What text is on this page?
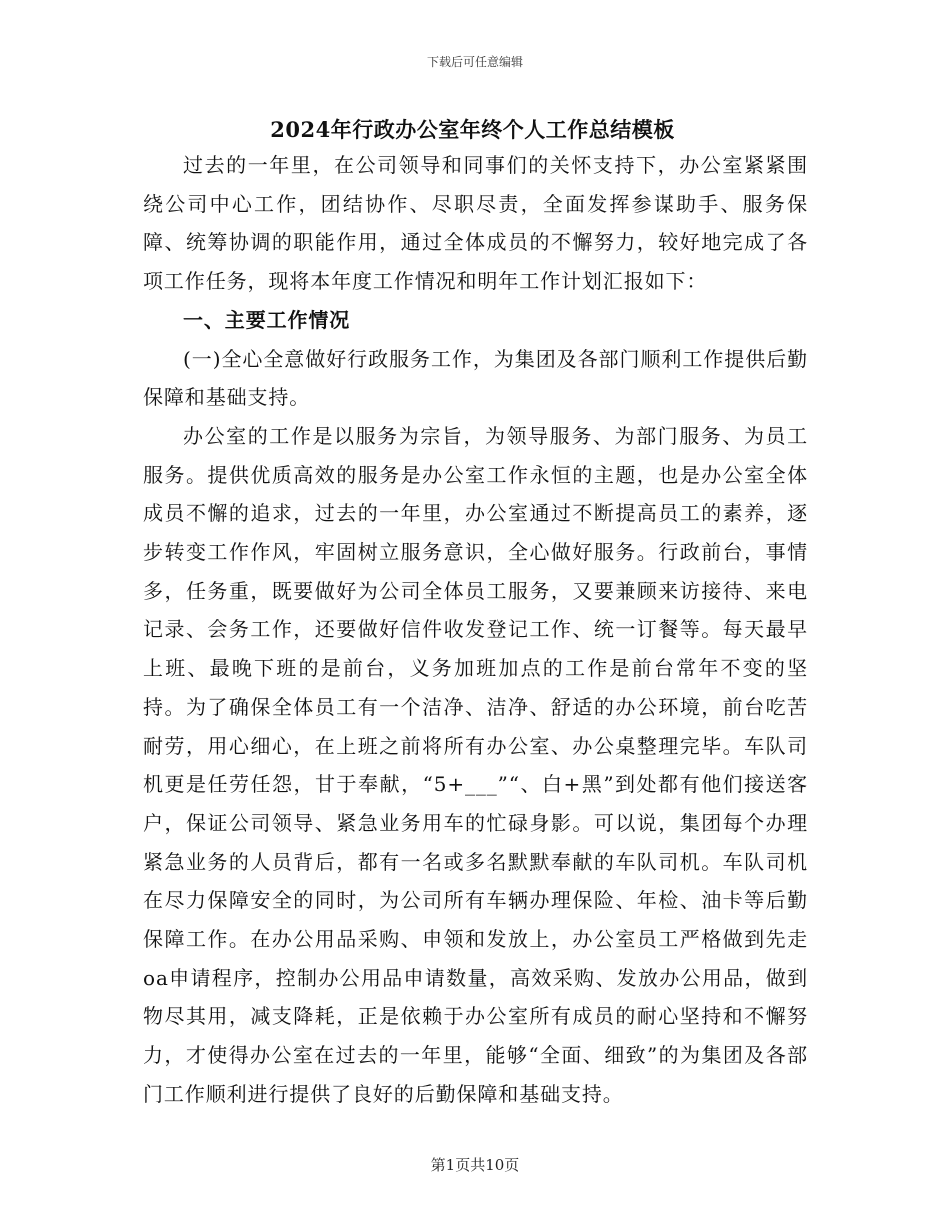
下载后可任意编辑
2024年行政办公室年终个人工作总结模板

过去的一年里，在公司领导和同事们的关怀支持下，办公室紧紧围绕公司中心工作，团结协作、尽职尽责，全面发挥参谋助手、服务保障、统筹协调的职能作用，通过全体成员的不懈努力，较好地完成了各项工作任务，现将本年度工作情况和明年工作计划汇报如下：

一、主要工作情况

(一)全心全意做好行政服务工作，为集团及各部门顺利工作提供后勤保障和基础支持。

办公室的工作是以服务为宗旨，为领导服务、为部门服务、为员工服务。提供优质高效的服务是办公室工作永恒的主题，也是办公室全体成员不懈的追求，过去的一年里，办公室通过不断提高员工的素养，逐步转变工作作风，牢固树立服务意识，全心做好服务。行政前台，事情多，任务重，既要做好为公司全体员工服务，又要兼顾来访接待、来电记录、会务工作，还要做好信件收发登记工作、统一订餐等。每天最早上班、最晚下班的是前台，义务加班加点的工作是前台常年不变的坚持。为了确保全体员工有一个洁净、洁净、舒适的办公环境，前台吃苦耐劳，用心细心，在上班之前将所有办公室、办公桌整理完毕。车队司机更是任劳任怨，甘于奉献，“5+___”“、白+黑”到处都有他们接送客户，保证公司领导、紧急业务用车的忙碌身影。可以说，集团每个办理紧急业务的人员背后，都有一名或多名默默奉献的车队司机。车队司机在尽力保障安全的同时，为公司所有车辆办理保险、年检、油卡等后勤保障工作。在办公用品采购、申领和发放上，办公室员工严格做到先走oa申请程序，控制办公用品申请数量，高效采购、发放办公用品，做到物尽其用，减支降耗，正是依赖于办公室所有成员的耐心坚持和不懈努力，才使得办公室在过去的一年里，能够“全面、细致”的为集团及各部门工作顺利进行提供了良好的后勤保障和基础支持。

第1页共10页
